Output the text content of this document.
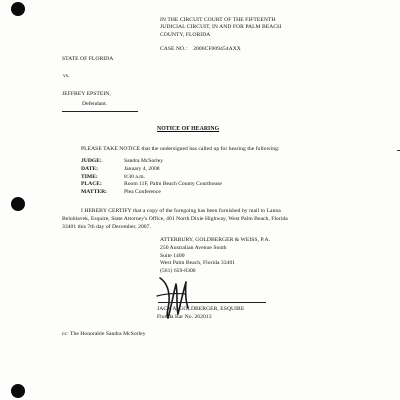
IN THE CIRCUIT COURT OF THE FIFTEENTH
JUDICIAL CIRCUIT, IN AND FOR PALM BEACH
COUNTY, FLORIDA
CASE NO.: 2006CF009454AXX
STATE OF FLORIDA
vs.
JEFFREY EPSTEIN,
Defendant.
NOTICE OF HEARING
PLEASE TAKE NOTICE that the undersigned has called up for hearing the following:
JUDGE:	Sandra McSorley
DATE:	January 4, 2008
TIME:	8:30 a.m.
PLACE:	Room 11F, Palm Beach County Courthouse
MATTER:	Plea Conference
I HEREBY CERTIFY that a copy of the foregoing has been furnished by mail to Lanna
Belohlavek, Esquire, State Attorney's Office, 401 North Dixie Highway, West Palm Beach, Florida
33401 this 7th day of December, 2007.
ATTERBURY, GOLDBERGER & WEISS, P.A.
250 Australian Avenue South
Suite 1400
West Palm Beach, Florida 33401
(561) 659-8300
JACK A. GOLDBERGER, ESQUIRE
Florida Bar No. 262013
cc: The Honorable Sandra McSorley
